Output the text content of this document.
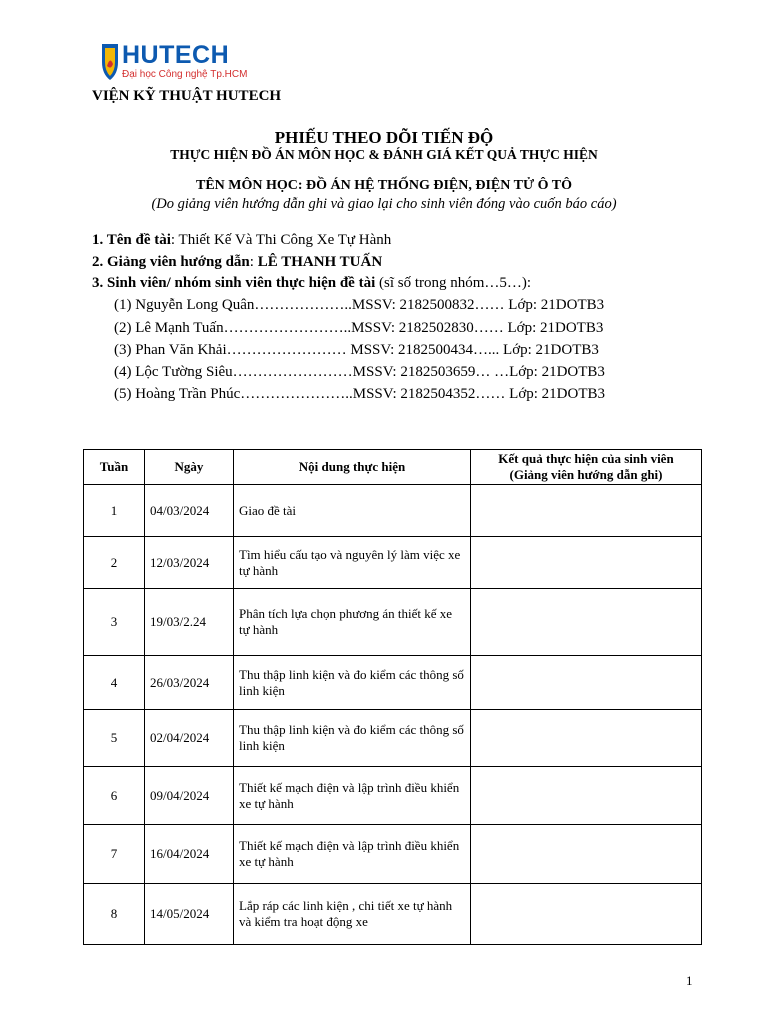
HUTECH
Đại học Công nghệ Tp.HCM
VIỆN KỸ THUẬT HUTECH
PHIẾU THEO DÕI TIẾN ĐỘ
THỰC HIỆN ĐỒ ÁN MÔN HỌC & ĐÁNH GIÁ KẾT QUẢ THỰC HIỆN
TÊN MÔN HỌC: ĐỒ ÁN HỆ THỐNG ĐIỆN, ĐIỆN TỬ Ô TÔ
(Do giảng viên hướng dẫn ghi và giao lại cho sinh viên đóng vào cuốn báo cáo)
1. Tên đề tài: Thiết Kế Và Thi Công Xe Tự Hành
2. Giảng viên hướng dẫn: LÊ THANH TUẤN
3. Sinh viên/ nhóm sinh viên thực hiện đề tài (sĩ số trong nhóm…5…):
(1) Nguyễn Long Quân………………..MSSV: 2182500832…… Lớp: 21DOTB3
(2) Lê Mạnh Tuấn……………………..MSSV: 2182502830…… Lớp: 21DOTB3
(3) Phan Văn Khải…………………… MSSV: 2182500434…... Lớp: 21DOTB3
(4) Lộc Tường Siêu……………………MSSV: 2182503659… …Lớp: 21DOTB3
(5) Hoàng Trần Phúc…………………..MSSV: 2182504352…… Lớp: 21DOTB3
Tuần	Ngày	Nội dung thực hiện	Kết quả thực hiện của sinh viên
(Giảng viên hướng dẫn ghi)
1	04/03/2024	Giao đề tài	
2	12/03/2024	Tìm hiểu cấu tạo và nguyên lý làm việc xe tự hành	
3	19/03/2.24	Phân tích lựa chọn phương án thiết kế xe tự hành	
4	26/03/2024	Thu thập linh kiện và đo kiểm các thông số linh kiện	
5	02/04/2024	Thu thập linh kiện và đo kiểm các thông số linh kiện	
6	09/04/2024	Thiết kế mạch điện và lập trình điều khiển xe tự hành	
7	16/04/2024	Thiết kế mạch điện và lập trình điều khiển xe tự hành	
8	14/05/2024	Lắp ráp các linh kiện , chi tiết xe tự hành và kiểm tra hoạt động xe	
1
